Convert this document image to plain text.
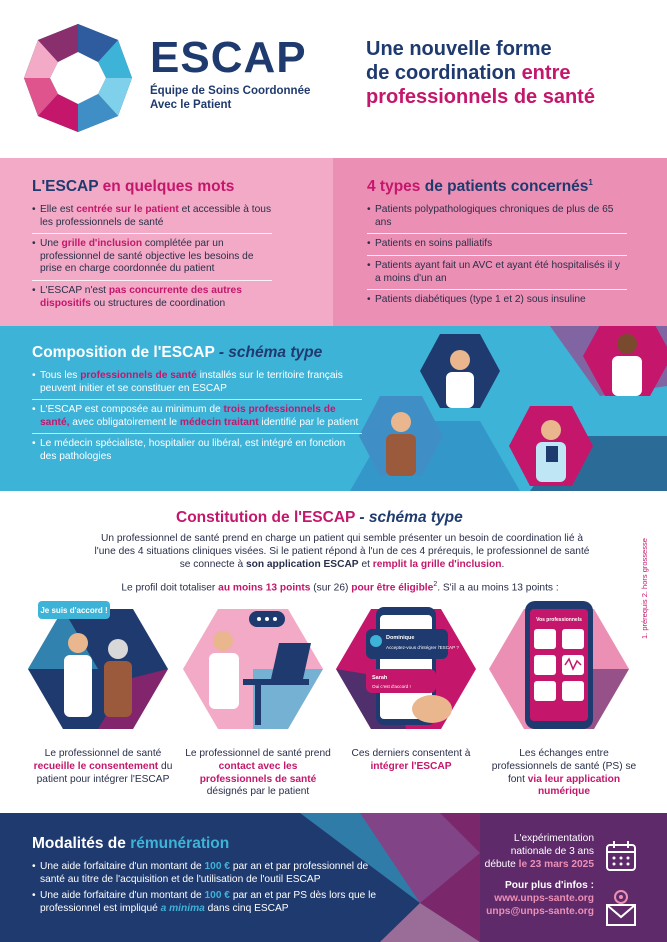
ESCAP
Équipe de Soins Coordonnée
Avec le Patient
Une nouvelle forme
de coordination entre
professionnels de santé
L'ESCAP en quelques mots
• Elle est centrée sur le patient et accessible à tous les professionnels de santé
• Une grille d'inclusion complétée par un professionnel de santé objective les besoins de prise en charge coordonnée du patient
• L'ESCAP n'est pas concurrente des autres dispositifs ou structures de coordination
4 types de patients concernés$^1$
• Patients polypathologiques chroniques de plus de 65 ans
• Patients en soins palliatifs
• Patients ayant fait un AVC et ayant été hospitalisés il y a moins d'un an
• Patients diabétiques (type 1 et 2) sous insuline
Composition de l'ESCAP - schéma type
• Tous les professionnels de santé installés sur le territoire français peuvent initier et se constituer en ESCAP
• L'ESCAP est composée au minimum de trois professionnels de santé, avec obligatoirement le médecin traitant identifié par le patient
• Le médecin spécialiste, hospitalier ou libéral, est intégré en fonction des pathologies
Constitution de l'ESCAP - schéma type
Un professionnel de santé prend en charge un patient qui semble présenter un besoin de coordination lié à l'une des 4 situations cliniques visées. Si le patient répond à l'un de ces 4 prérequis, le professionnel de santé se connecte à son application ESCAP et remplit la grille d'inclusion.
Le profil doit totaliser au moins 13 points (sur 26) pour être éligible$^2$. S'il a au moins 13 points :	1. prérequis 2. hors grossesse
Je suis d'accord !
Le professionnel de santé recueille le consentement du patient pour intégrer l'ESCAP
Le professionnel de santé prend contact avec les professionnels de santé désignés par le patient
Dominique
Acceptez-vous d'intégrer l'ESCAP ?
Sarah
Oui c'est d'accord !
Ces derniers consentent à intégrer l'ESCAP
Vos professionnels
Les échanges entre professionnels de santé (PS) se font via leur application numérique
Modalités de rémunération
• Une aide forfaitaire d'un montant de 100 € par an et par professionnel de santé au titre de l'acquisition et de l'utilisation de l'outil ESCAP
• Une aide forfaitaire d'un montant de 100 € par an et par PS dès lors que le professionnel est impliqué a minima dans cinq ESCAP
L'expérimentation
nationale de 3 ans
débute le 23 mars 2025
Pour plus d'infos :
www.unps-sante.org
unps@unps-sante.org
